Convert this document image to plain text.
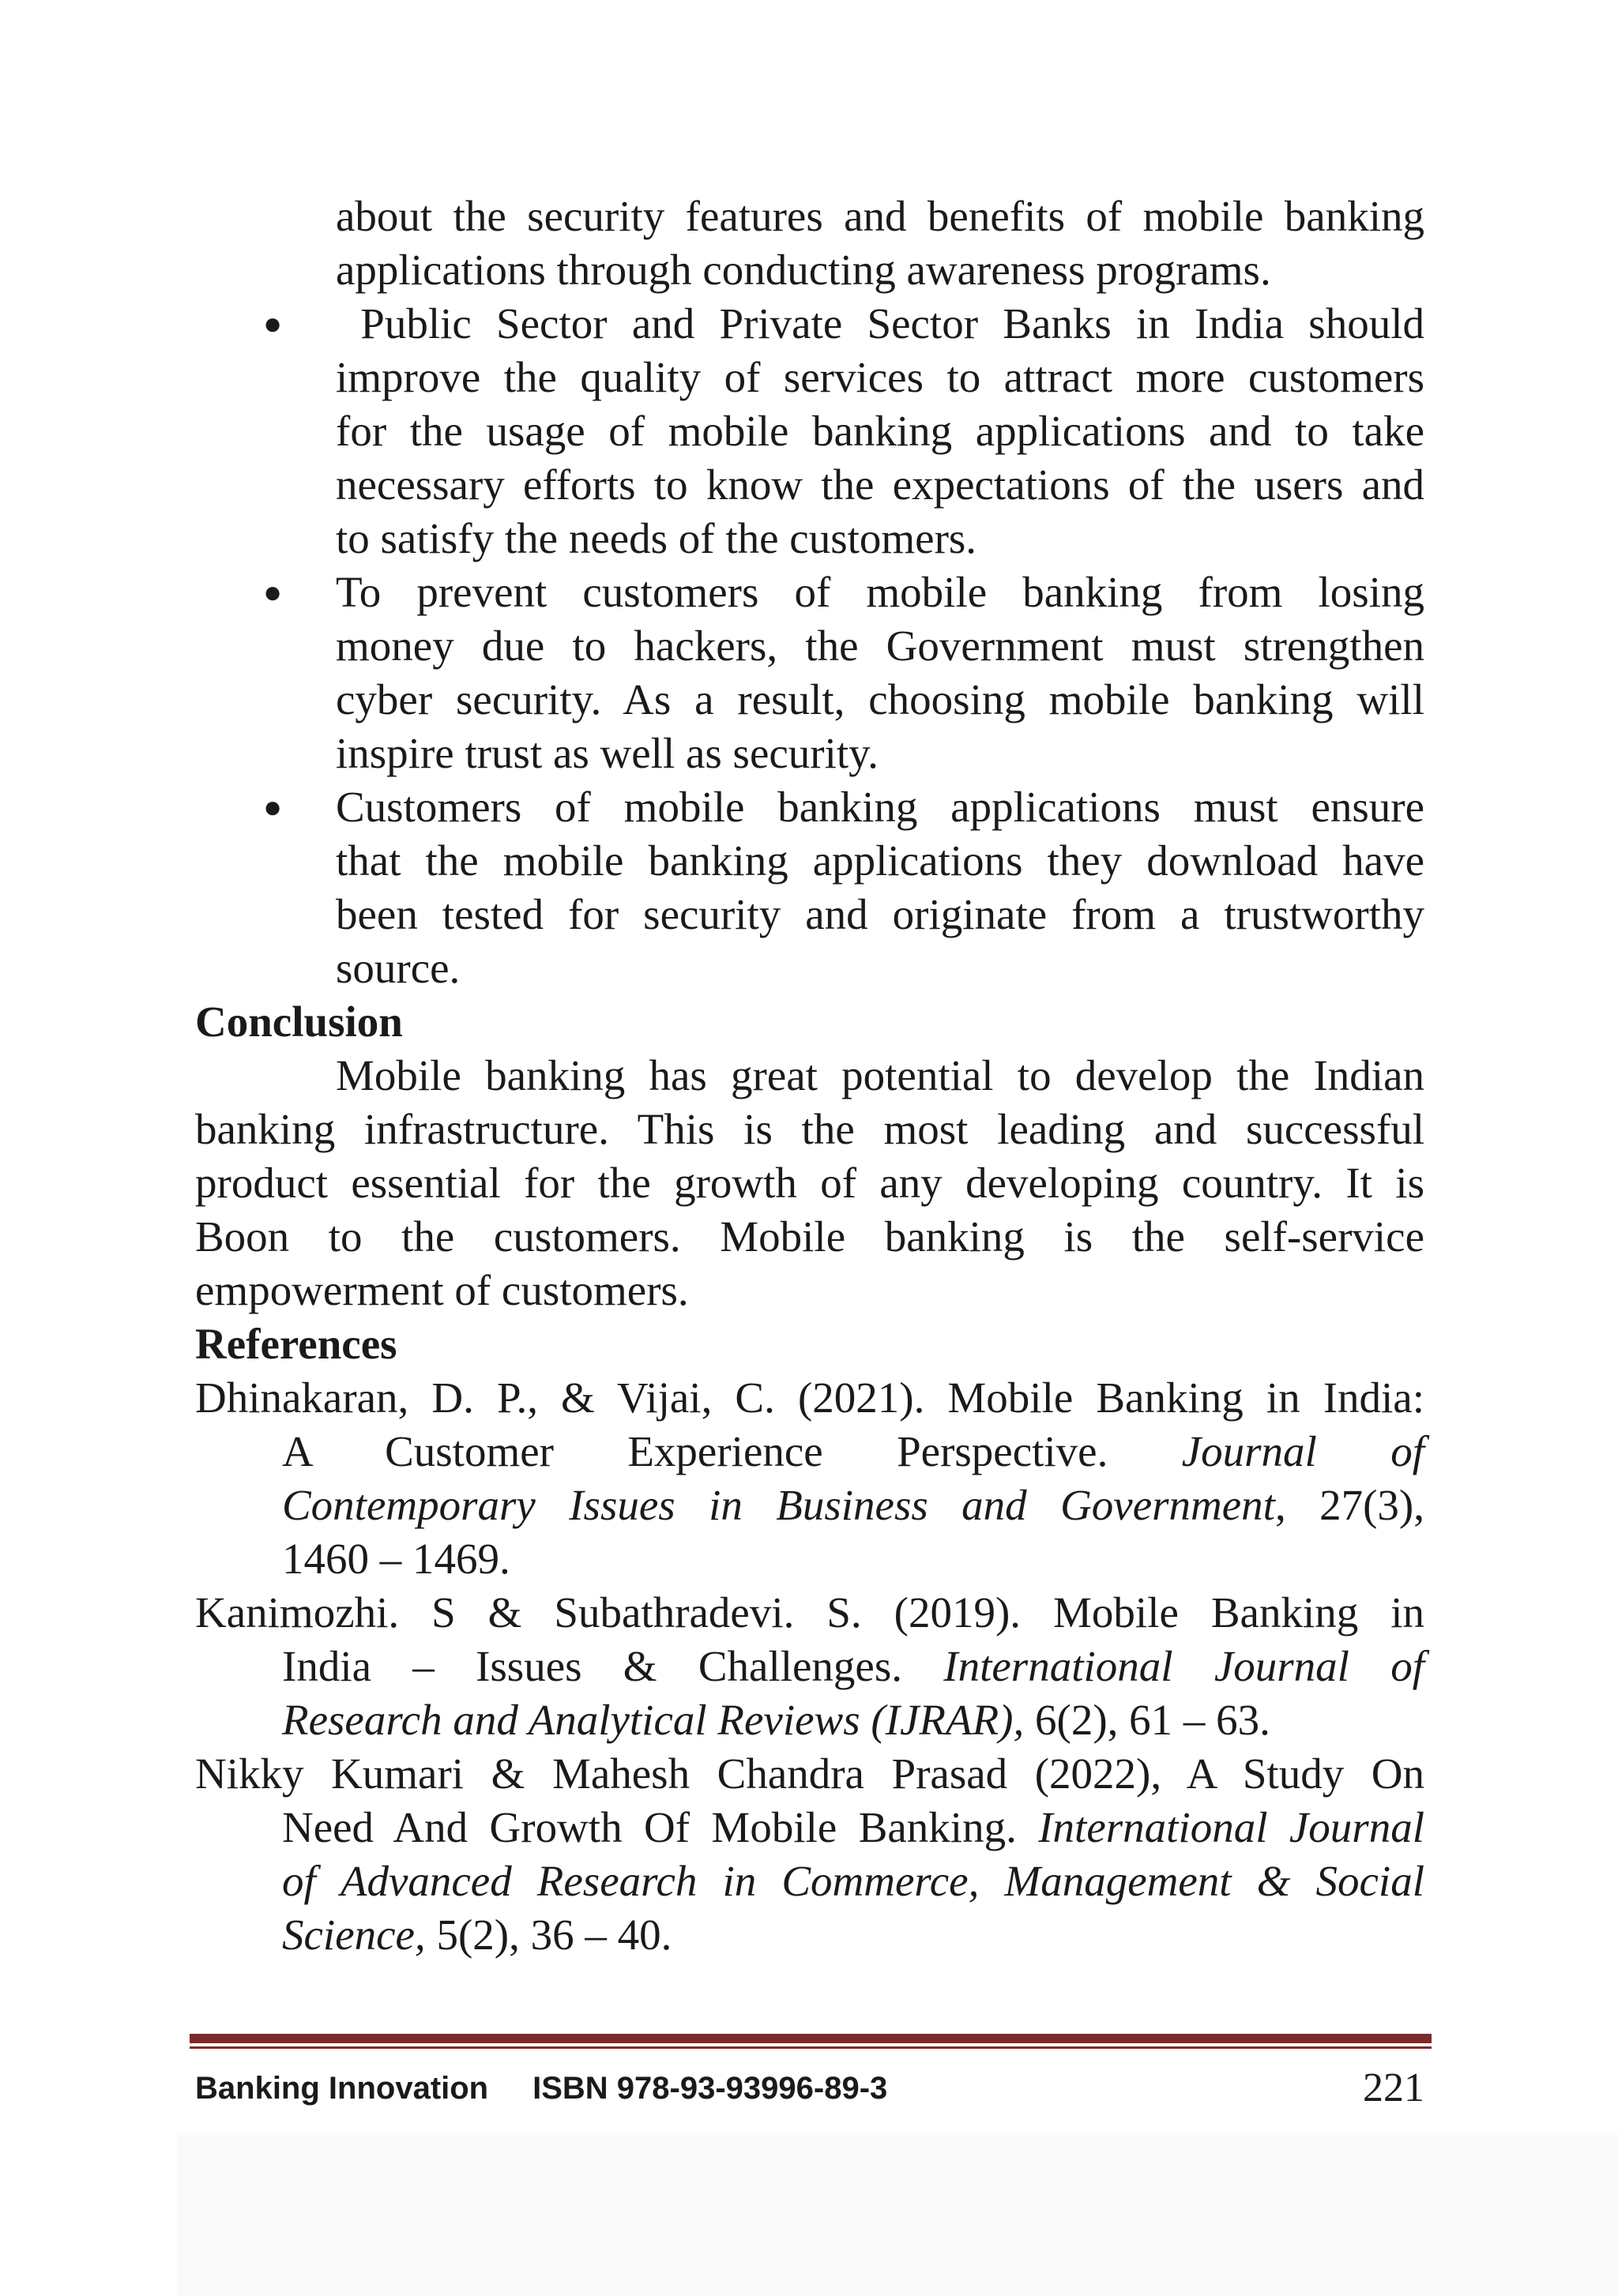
about the security features and benefits of mobile banking

applications through conducting awareness programs.

● Public Sector and Private Sector Banks in India should

improve the quality of services to attract more customers

for the usage of mobile banking applications and to take

necessary efforts to know the expectations of the users and

to satisfy the needs of the customers.

● To prevent customers of mobile banking from losing

money due to hackers, the Government must strengthen

cyber security. As a result, choosing mobile banking will

inspire trust as well as security.

● Customers of mobile banking applications must ensure

that the mobile banking applications they download have

been tested for security and originate from a trustworthy

source.

Conclusion

Mobile banking has great potential to develop the Indian

banking infrastructure. This is the most leading and successful

product essential for the growth of any developing country. It is

Boon to the customers. Mobile banking is the self-service

empowerment of customers.

References

Dhinakaran, D. P., & Vijai, C. (2021). Mobile Banking in India:

A Customer Experience Perspective. Journal of

Contemporary Issues in Business and Government, 27(3),

1460 – 1469.

Kanimozhi. S & Subathradevi. S. (2019). Mobile Banking in

India – Issues & Challenges. International Journal of

Research and Analytical Reviews (IJRAR), 6(2), 61 – 63.

Nikky Kumari & Mahesh Chandra Prasad (2022), A Study On

Need And Growth Of Mobile Banking. International Journal

of Advanced Research in Commerce, Management & Social

Science, 5(2), 36 – 40.

Banking Innovation ISBN 978-93-93996-89-3	221
